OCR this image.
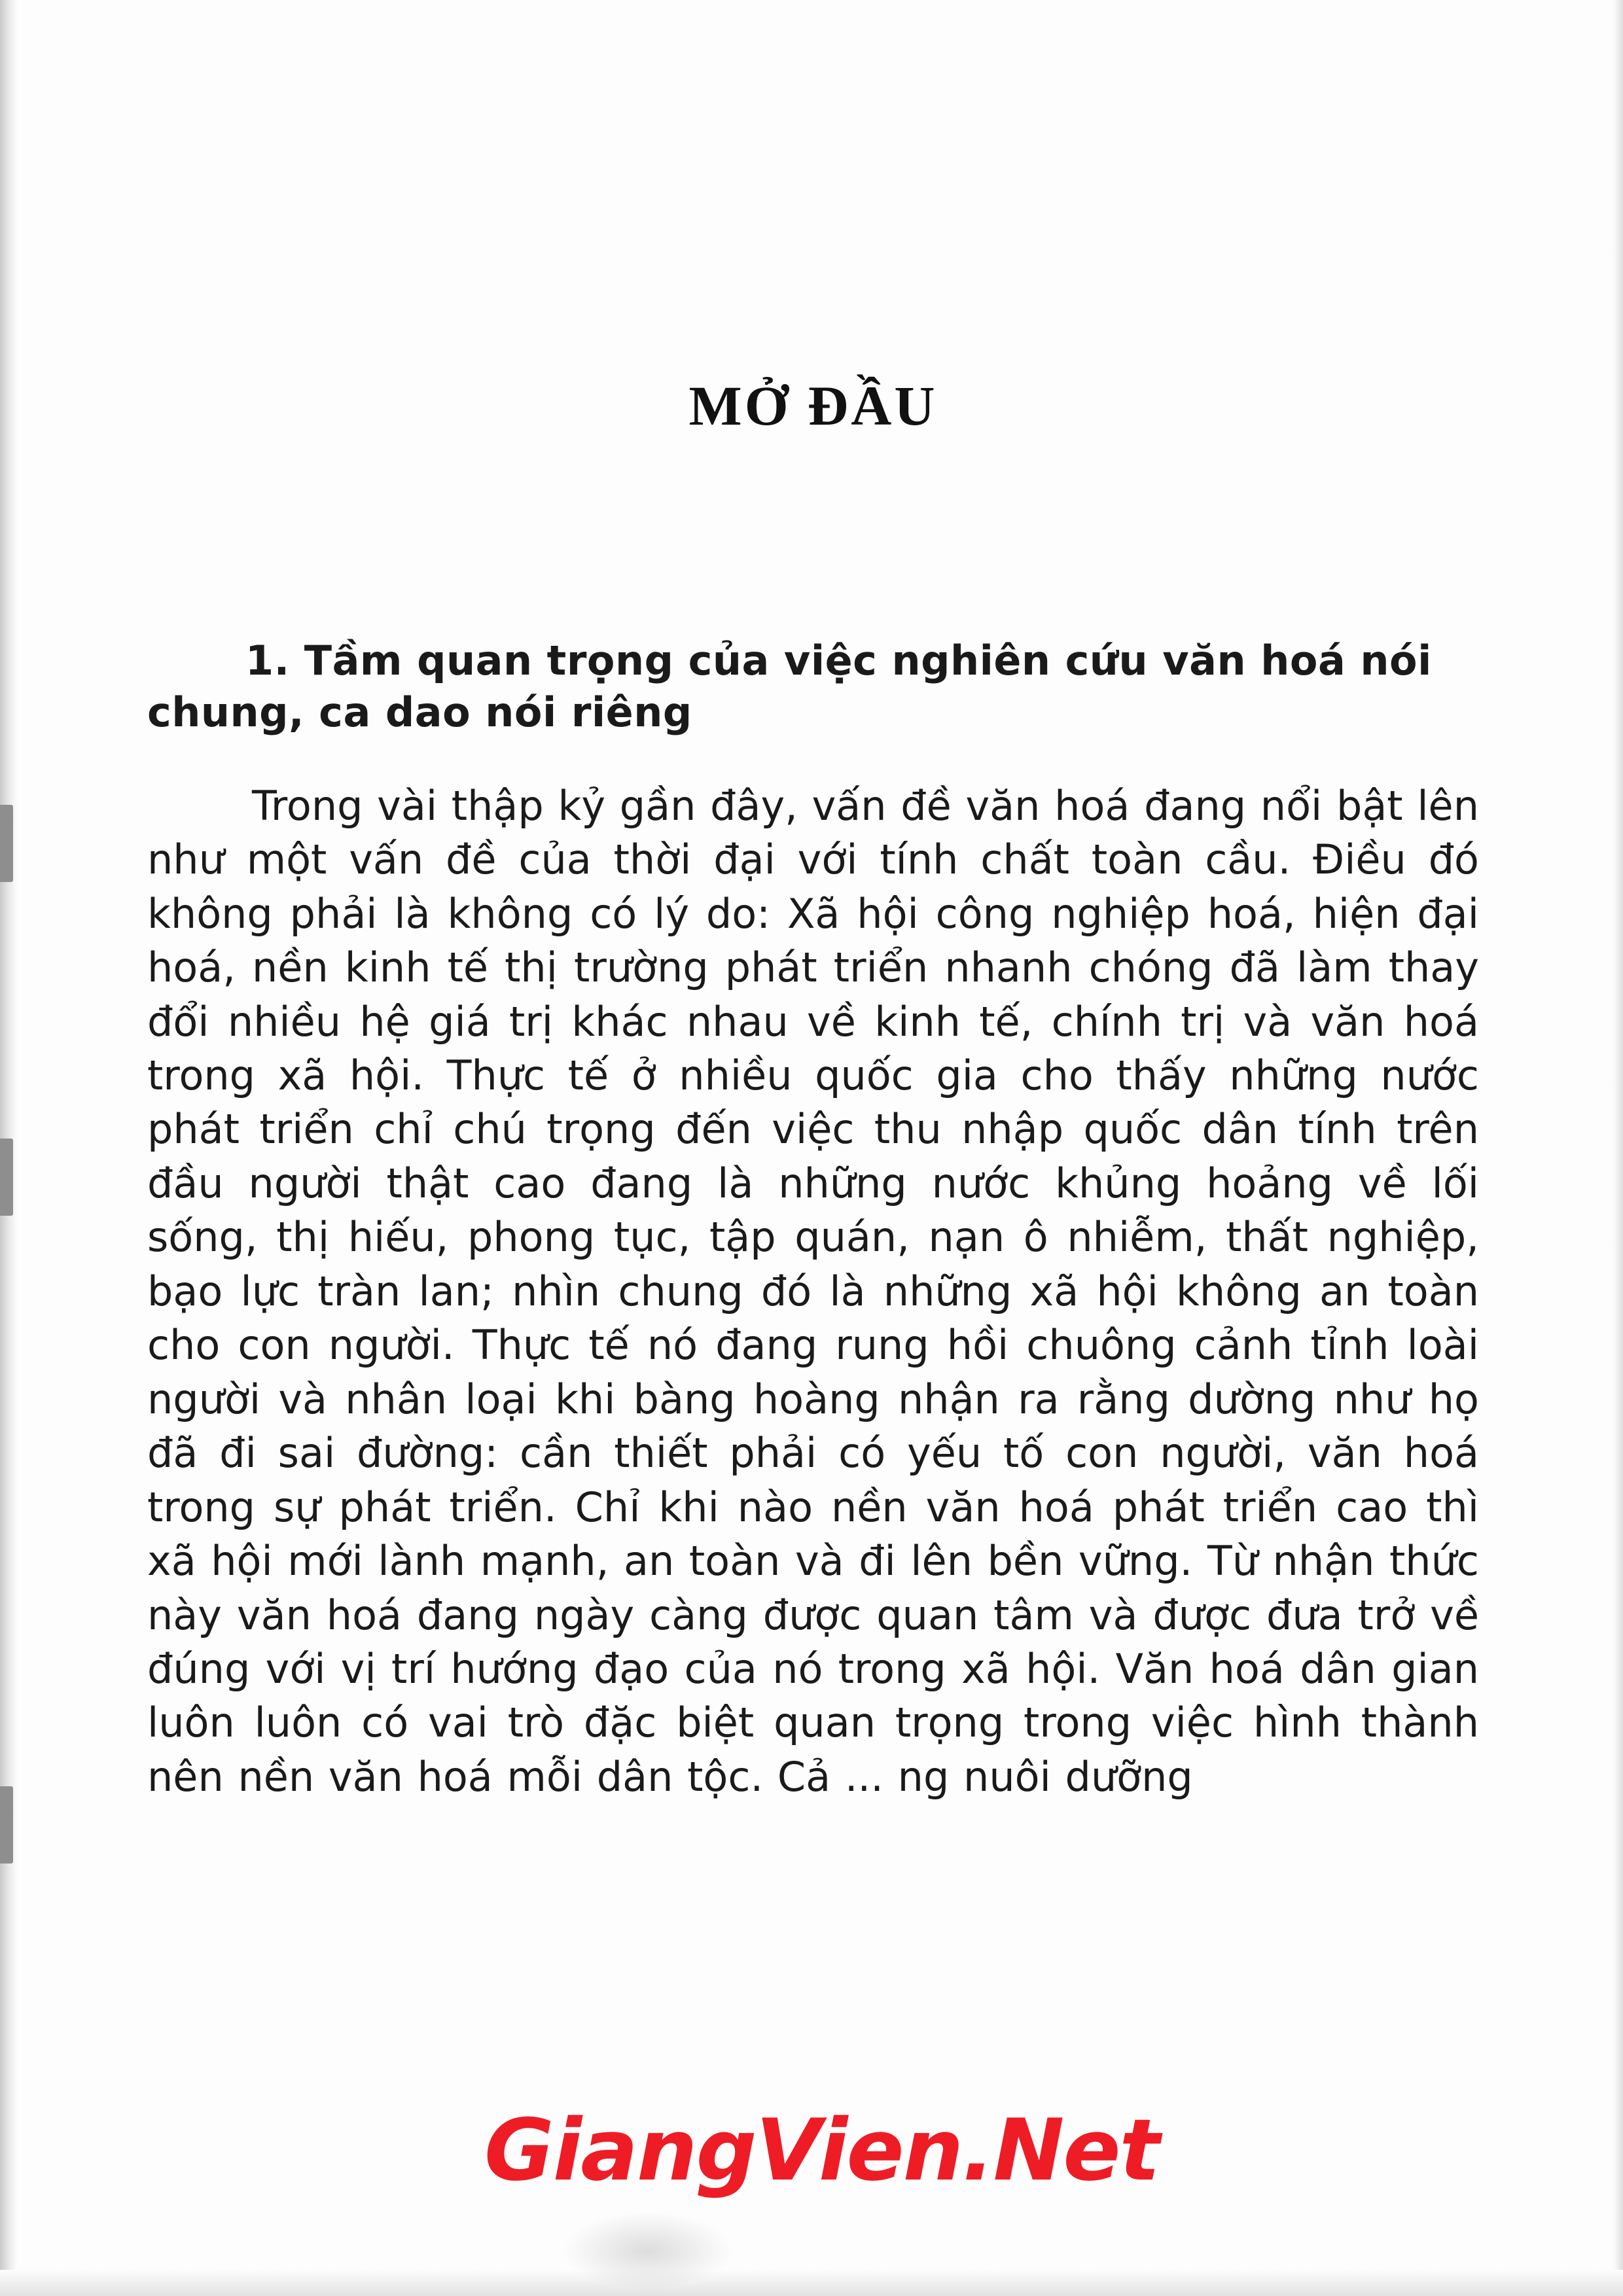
MỞ ĐẦU
1. Tầm quan trọng của việc nghiên cứu văn hoá nói chung, ca dao nói riêng

Trong vài thập kỷ gần đây, vấn đề văn hoá đang nổi bật lên như một vấn đề của thời đại với tính chất toàn cầu. Điều đó không phải là không có lý do: Xã hội công nghiệp hoá, hiện đại hoá, nền kinh tế thị trường phát triển nhanh chóng đã làm thay đổi nhiều hệ giá trị khác nhau về kinh tế, chính trị và văn hoá trong xã hội. Thực tế ở nhiều quốc gia cho thấy những nước phát triển chỉ chú trọng đến việc thu nhập quốc dân tính trên đầu người thật cao đang là những nước khủng hoảng về lối sống, thị hiếu, phong tục, tập quán, nạn ô nhiễm, thất nghiệp, bạo lực tràn lan; nhìn chung đó là những xã hội không an toàn cho con người. Thực tế nó đang rung hồi chuông cảnh tỉnh loài người và nhân loại khi bàng hoàng nhận ra rằng dường như họ đã đi sai đường: cần thiết phải có yếu tố con người, văn hoá trong sự phát triển. Chỉ khi nào nền văn hoá phát triển cao thì xã hội mới lành mạnh, an toàn và đi lên bền vững. Từ nhận thức này văn hoá đang ngày càng được quan tâm và được đưa trở về đúng với vị trí hướng đạo của nó trong xã hội. Văn hoá dân gian luôn luôn có vai trò đặc biệt quan trọng trong việc hình thành nên nền văn hoá mỗi dân tộc. Cả ... ng nuôi dưỡng

GiangVien.Net
